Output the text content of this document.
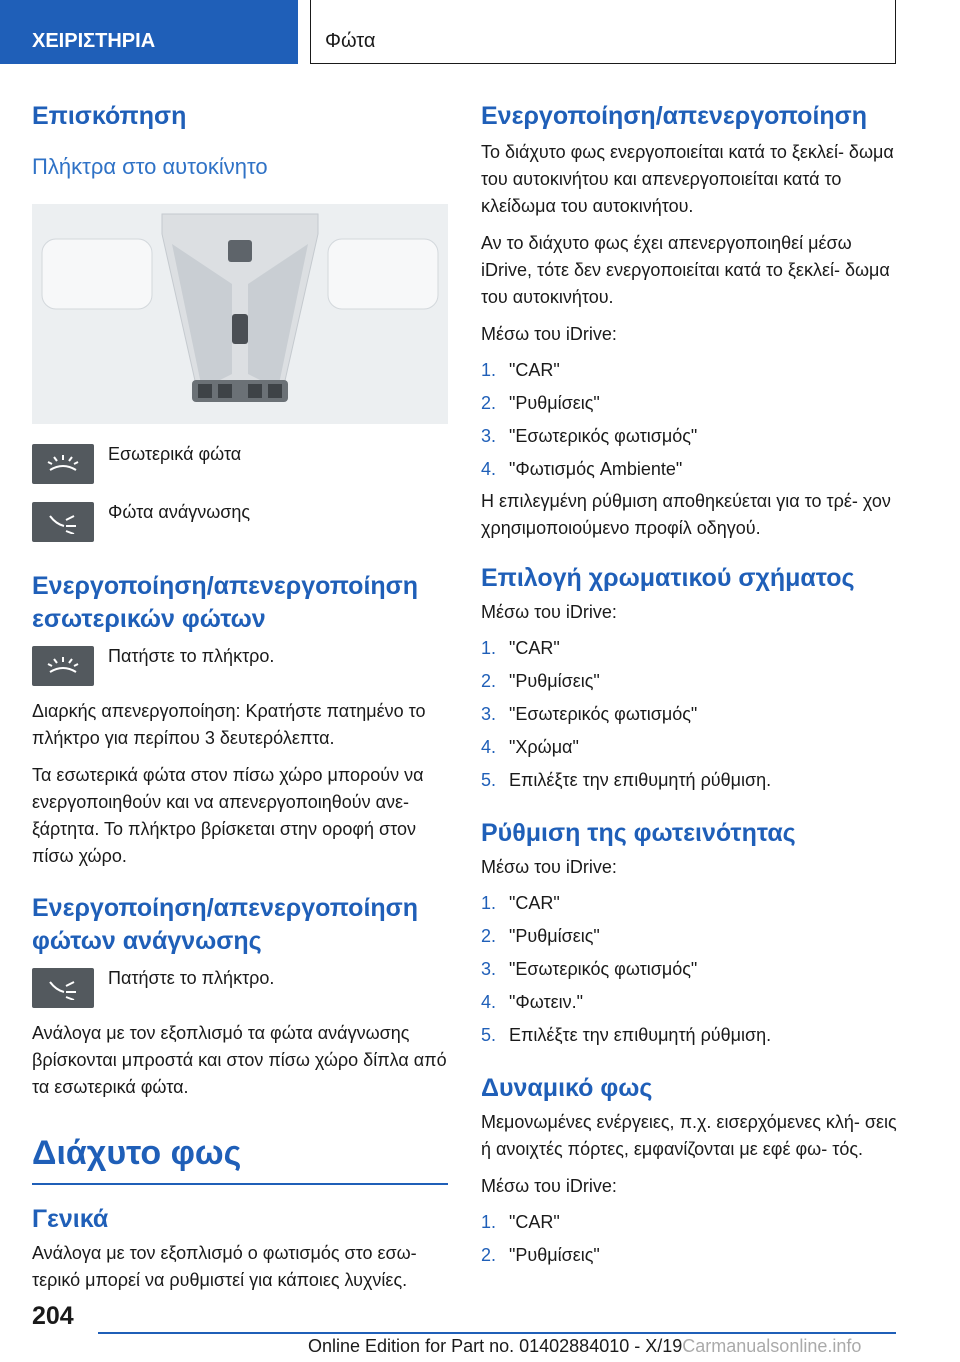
ΧΕΙΡΙΣΤΗΡΙΑ	Φώτα
Επισκόπηση
Πλήκτρα στο αυτοκίνητο
Εσωτερικά φώτα
Φώτα ανάγνωσης
Ενεργοποίηση/απενεργοποίηση εσωτερικών φώτων
Πατήστε το πλήκτρο.

Διαρκής απενεργοποίηση: Κρατήστε πατημένο το πλήκτρο για περίπου 3 δευτερόλεπτα.

Τα εσωτερικά φώτα στον πίσω χώρο μπορούν να ενεργοποιηθούν και να απενεργοποιηθούν ανε- ξάρτητα. Το πλήκτρο βρίσκεται στην οροφή στον πίσω χώρο.

Ενεργοποίηση/απενεργοποίηση φώτων ανάγνωσης
Πατήστε το πλήκτρο.

Ανάλογα με τον εξοπλισμό τα φώτα ανάγνωσης βρίσκονται μπροστά και στον πίσω χώρο δίπλα από τα εσωτερικά φώτα.

Διάχυτο φως
Γενικά

Ανάλογα με τον εξοπλισμό ο φωτισμός στο εσω- τερικό μπορεί να ρυθμιστεί για κάποιες λυχνίες.

Ενεργοποίηση/απενεργοποίηση

Το διάχυτο φως ενεργοποιείται κατά το ξεκλεί- δωμα του αυτοκινήτου και απενεργοποιείται κατά το κλείδωμα του αυτοκινήτου.

Αν το διάχυτο φως έχει απενεργοποιηθεί μέσω iDrive, τότε δεν ενεργοποιείται κατά το ξεκλεί- δωμα του αυτοκινήτου.

Μέσω του iDrive:

1. "CAR"
2. "Ρυθμίσεις"
3. "Εσωτερικός φωτισμός"
4. "Φωτισμός Ambiente"

Η επιλεγμένη ρύθμιση αποθηκεύεται για το τρέ- χον χρησιμοποιούμενο προφίλ οδηγού.

Επιλογή χρωματικού σχήματος

Μέσω του iDrive:

1. "CAR"
2. "Ρυθμίσεις"
3. "Εσωτερικός φωτισμός"
4. "Χρώμα"
5. Επιλέξτε την επιθυμητή ρύθμιση.
Ρύθμιση της φωτεινότητας

Μέσω του iDrive:

1. "CAR"
2. "Ρυθμίσεις"
3. "Εσωτερικός φωτισμός"
4. "Φωτειν."
5. Επιλέξτε την επιθυμητή ρύθμιση.
Δυναμικό φως

Μεμονωμένες ενέργειες, π.χ. εισερχόμενες κλή- σεις ή ανοιχτές πόρτες, εμφανίζονται με εφέ φω- τός.

Μέσω του iDrive:

1. "CAR"
2. "Ρυθμίσεις"
204
Online Edition for Part no. 01402884010 - X/19Carmanualsonline.info
